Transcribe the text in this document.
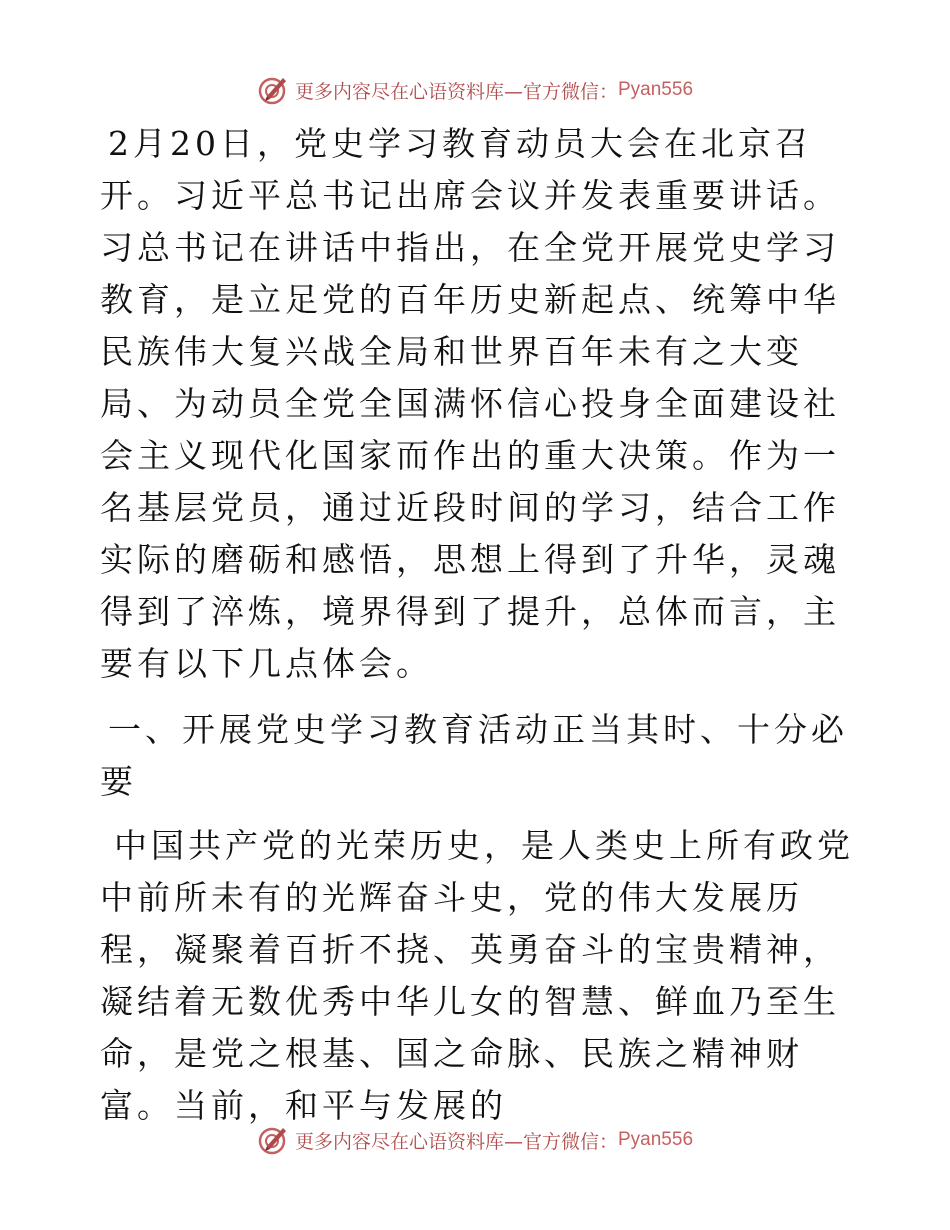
更多内容尽在心语资料库—官方微信： Pyan556

2月20日，党史学习教育动员大会在北京召开。习近平总书记出席会议并发表重要讲话。习总书记在讲话中指出，在全党开展党史学习教育，是立足党的百年历史新起点、统筹中华民族伟大复兴战全局和世界百年未有之大变局、为动员全党全国满怀信心投身全面建设社会主义现代化国家而作出的重大决策。作为一名基层党员，通过近段时间的学习，结合工作实际的磨砺和感悟，思想上得到了升华，灵魂得到了淬炼，境界得到了提升，总体而言，主要有以下几点体会。

一、开展党史学习教育活动正当其时、十分必要

中国共产党的光荣历史，是人类史上所有政党中前所未有的光辉奋斗史，党的伟大发展历程，凝聚着百折不挠、英勇奋斗的宝贵精神，凝结着无数优秀中华儿女的智慧、鲜血乃至生命，是党之根基、国之命脉、民族之精神财富。当前，和平与发展的

更多内容尽在心语资料库—官方微信： Pyan556
